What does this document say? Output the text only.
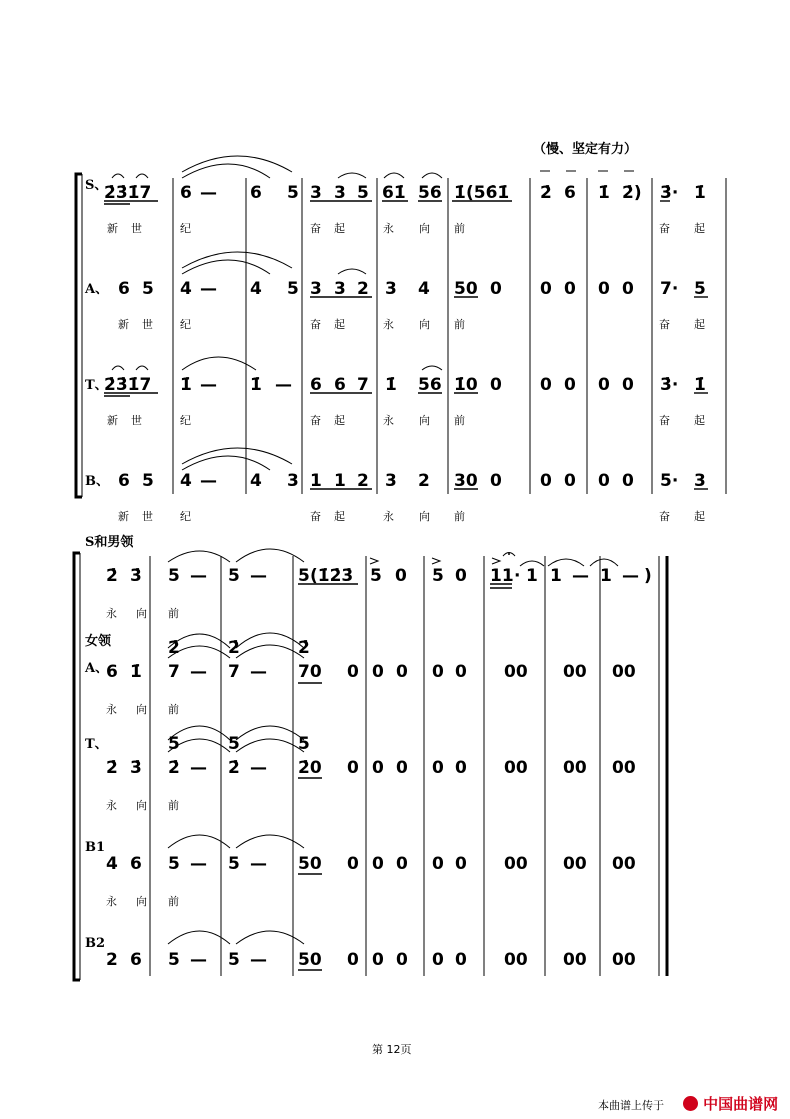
（慢、坚定有力）
S、
2̇3̇1̇7 6 — 6 5 3 3 5 61̇ 56 1̇ (56̇1̇ 2̇ 6 1̇ 2̇) 3̇· 1̇
新 世	纪	奋 起	永 向 前	奋 起
A、 6 5 4 — 4 5 3 3 2 3 4 50 0 0 0 0 0 7· 5
新 世 纪	奋 起	永 向 前	奋 起
T、
2̇3̇1̇7 1̇ — 1̇ — 6 6 7 1̇ 56 1̇0 0 0 0 0 0 3̇· 1̇
新 世	纪	奋 起	永 向 前	奋 起
B、 6 5 4 — 4 3 1 1 2 3 2 30 0 0 0 0 0 5· 3
新 世 纪	奋 起	永 向 前	奋 起
S和男领
2̇ 3̇ 5 — 5 — 5 (1̇2̇3̇ 5 0 5 0 11 · 1 1 — 1 — )
永 向 前
女领
A、
2̇	2̇	2̇
6 1̇ 7 — 7 — 70 0 0 0 0 0 00 00 00
永 向 前
T、	5	5	5
2̇ 3̇ 2̇ — 2̇ — 2̇0 0 0 0 0 0 00 00 00
永 向 前
B1
4 6 5 — 5 — 50 0 0 0 0 0 00 00 00
永 向 前
B2
2 6 5 — 5 — 50 0 0 0 0 0 00 00 00
第 12页
本曲谱上传于	中国曲谱网
